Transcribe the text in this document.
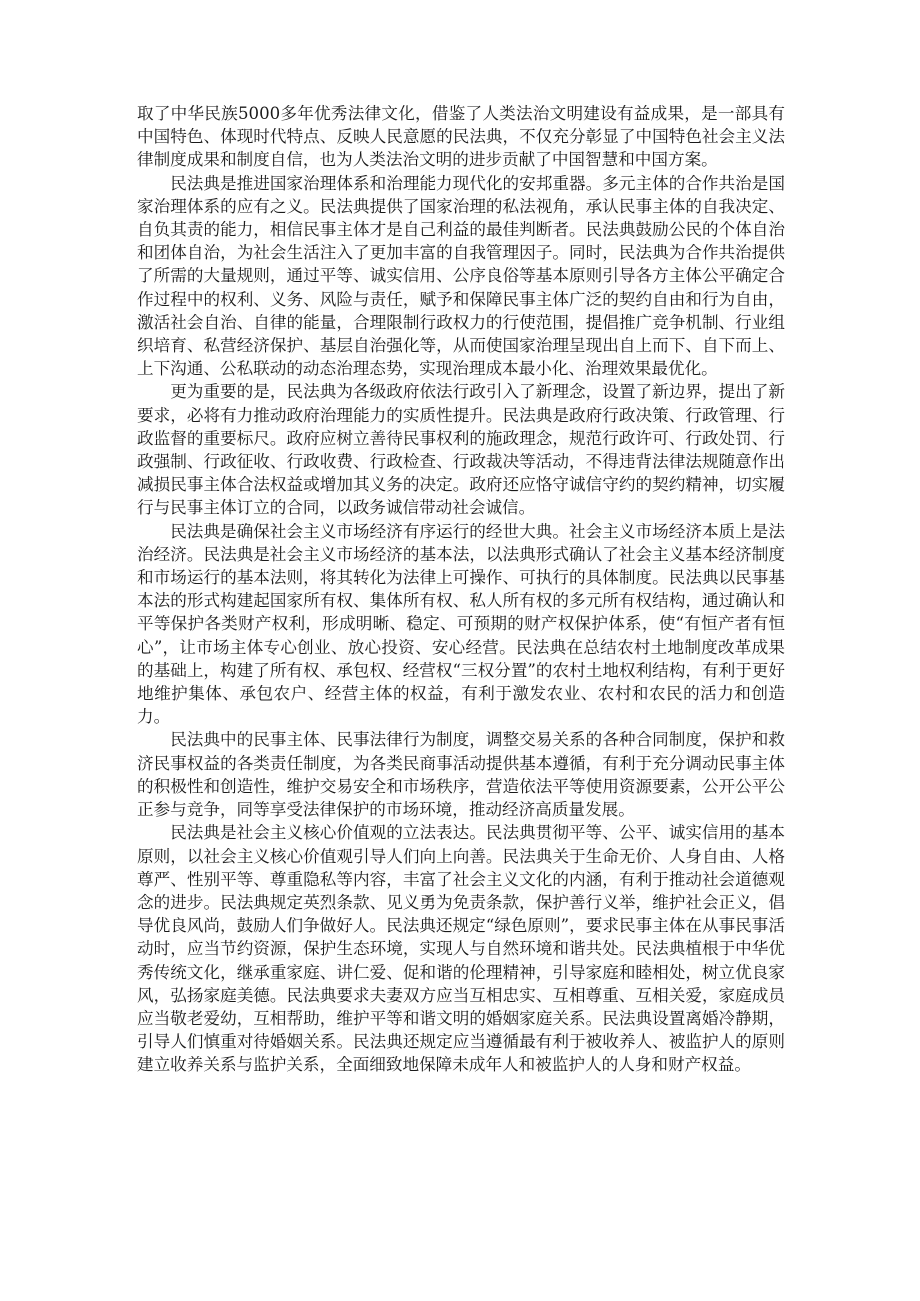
取了中华民族5000多年优秀法律文化，借鉴了人类法治文明建设有益成果，是一部具有中国特色、体现时代特点、反映人民意愿的民法典，不仅充分彰显了中国特色社会主义法律制度成果和制度自信，也为人类法治文明的进步贡献了中国智慧和中国方案。

民法典是推进国家治理体系和治理能力现代化的安邦重器。多元主体的合作共治是国家治理体系的应有之义。民法典提供了国家治理的私法视角，承认民事主体的自我决定、自负其责的能力，相信民事主体才是自己利益的最佳判断者。民法典鼓励公民的个体自治和团体自治，为社会生活注入了更加丰富的自我管理因子。同时，民法典为合作共治提供了所需的大量规则，通过平等、诚实信用、公序良俗等基本原则引导各方主体公平确定合作过程中的权利、义务、风险与责任，赋予和保障民事主体广泛的契约自由和行为自由，激活社会自治、自律的能量，合理限制行政权力的行使范围，提倡推广竞争机制、行业组织培育、私营经济保护、基层自治强化等，从而使国家治理呈现出自上而下、自下而上、上下沟通、公私联动的动态治理态势，实现治理成本最小化、治理效果最优化。

更为重要的是，民法典为各级政府依法行政引入了新理念，设置了新边界，提出了新要求，必将有力推动政府治理能力的实质性提升。民法典是政府行政决策、行政管理、行政监督的重要标尺。政府应树立善待民事权利的施政理念，规范行政许可、行政处罚、行政强制、行政征收、行政收费、行政检查、行政裁决等活动，不得违背法律法规随意作出减损民事主体合法权益或增加其义务的决定。政府还应恪守诚信守约的契约精神，切实履行与民事主体订立的合同，以政务诚信带动社会诚信。

民法典是确保社会主义市场经济有序运行的经世大典。社会主义市场经济本质上是法治经济。民法典是社会主义市场经济的基本法，以法典形式确认了社会主义基本经济制度和市场运行的基本法则，将其转化为法律上可操作、可执行的具体制度。民法典以民事基本法的形式构建起国家所有权、集体所有权、私人所有权的多元所有权结构，通过确认和平等保护各类财产权利，形成明晰、稳定、可预期的财产权保护体系，使“有恒产者有恒心”，让市场主体专心创业、放心投资、安心经营。民法典在总结农村土地制度改革成果的基础上，构建了所有权、承包权、经营权“三权分置”的农村土地权利结构，有利于更好地维护集体、承包农户、经营主体的权益，有利于激发农业、农村和农民的活力和创造力。

民法典中的民事主体、民事法律行为制度，调整交易关系的各种合同制度，保护和救济民事权益的各类责任制度，为各类民商事活动提供基本遵循，有利于充分调动民事主体的积极性和创造性，维护交易安全和市场秩序，营造依法平等使用资源要素，公开公平公正参与竞争，同等享受法律保护的市场环境，推动经济高质量发展。

民法典是社会主义核心价值观的立法表达。民法典贯彻平等、公平、诚实信用的基本原则，以社会主义核心价值观引导人们向上向善。民法典关于生命无价、人身自由、人格尊严、性别平等、尊重隐私等内容，丰富了社会主义文化的内涵，有利于推动社会道德观念的进步。民法典规定英烈条款、见义勇为免责条款，保护善行义举，维护社会正义，倡导优良风尚，鼓励人们争做好人。民法典还规定“绿色原则”，要求民事主体在从事民事活动时，应当节约资源，保护生态环境，实现人与自然环境和谐共处。民法典植根于中华优秀传统文化，继承重家庭、讲仁爱、促和谐的伦理精神，引导家庭和睦相处，树立优良家风，弘扬家庭美德。民法典要求夫妻双方应当互相忠实、互相尊重、互相关爱，家庭成员应当敬老爱幼，互相帮助，维护平等和谐文明的婚姻家庭关系。民法典设置离婚冷静期，引导人们慎重对待婚姻关系。民法典还规定应当遵循最有利于被收养人、被监护人的原则建立收养关系与监护关系，全面细致地保障未成年人和被监护人的人身和财产权益。
